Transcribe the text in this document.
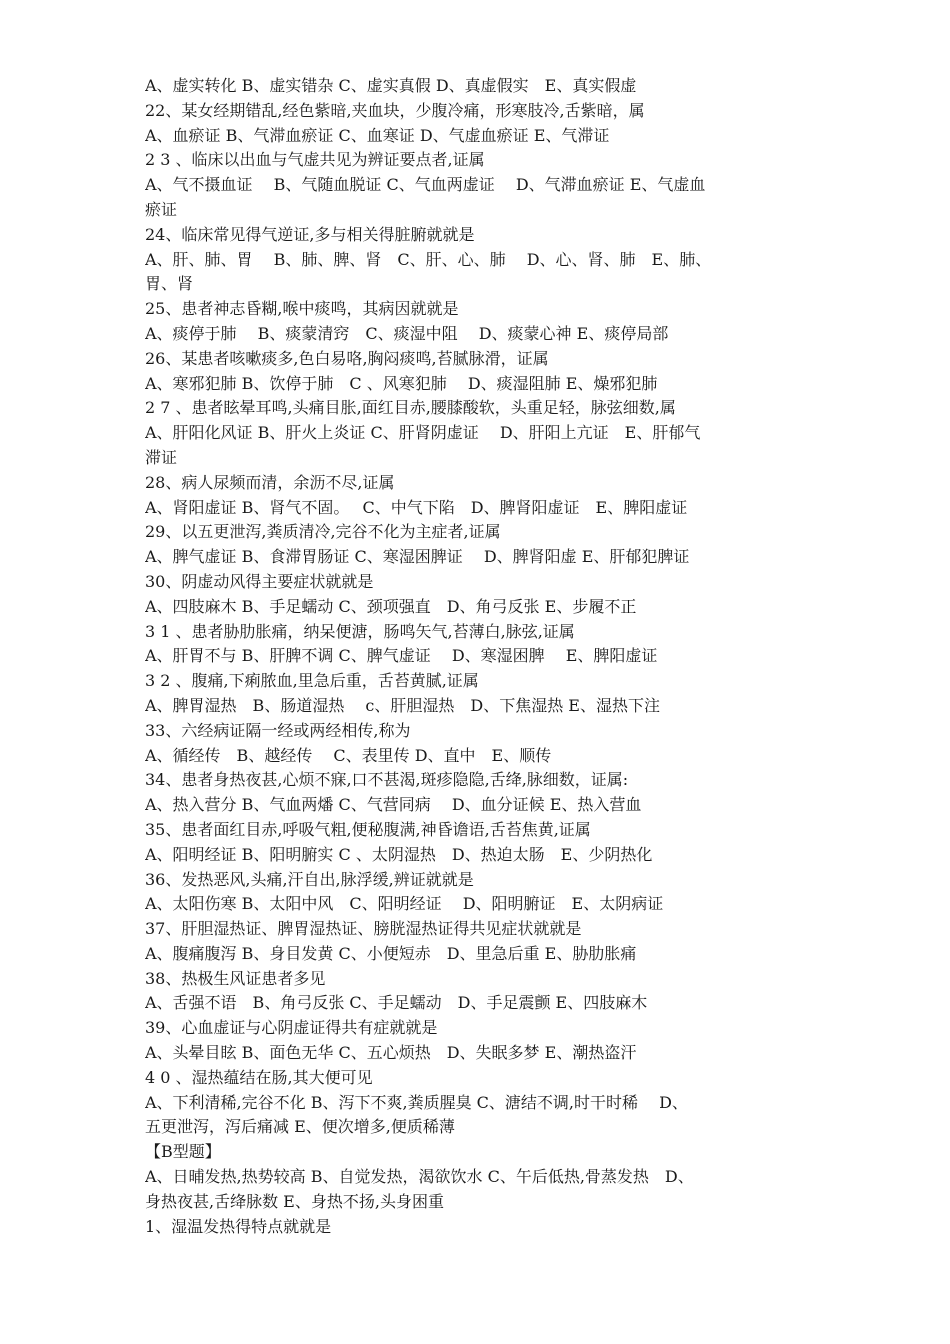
A、虚实转化 B、虚实错杂 C、虚实真假 D、真虚假实　E、真实假虚
22、某女经期错乱,经色紫暗,夹血块，少腹冷痛，形寒肢冷,舌紫暗，属
A、血瘀证 B、气滞血瘀证 C、血寒证 D、气虚血瘀证 E、气滞证
2 3 、临床以出血与气虚共见为辨证要点者,证属
A、气不摄血证　 B、气随血脱证 C、气血两虚证　 D、气滞血瘀证 E、气虚血
瘀证
24、临床常见得气逆证,多与相关得脏腑就就是
A、肝、肺、胃　 B、肺、脾、肾　C、肝、心、肺　 D、心、肾、肺　E、肺、
胃、肾
25、患者神志昏糊,喉中痰鸣，其病因就就是
A、痰停于肺　 B、痰蒙清窍　C、痰湿中阻　 D、痰蒙心神 E、痰停局部
26、某患者咳嗽痰多,色白易咯,胸闷痰鸣,苔腻脉滑，证属
A、寒邪犯肺 B、饮停于肺　C 、风寒犯肺　 D、痰湿阻肺 E、燥邪犯肺
2 7 、患者眩晕耳鸣,头痛目胀,面红目赤,腰膝酸软，头重足轻，脉弦细数,属
A、肝阳化风证 B、肝火上炎证 C、肝肾阴虚证　 D、肝阳上亢证　E、肝郁气
滞证
28、病人尿频而清，余沥不尽,证属
A、肾阳虚证 B、肾气不固。　 C、中气下陷　D、脾肾阳虚证　E、脾阳虚证
29、以五更泄泻,粪质清冷,完谷不化为主症者,证属
A、脾气虚证 B、食滞胃肠证 C、寒湿困脾证　 D、脾肾阳虚 E、肝郁犯脾证
30、阴虚动风得主要症状就就是
A、四肢麻木 B、手足蠕动 C、颈项强直　D、角弓反张 E、步履不正
3 1 、患者胁肋胀痛，纳呆便溏，肠鸣矢气,苔薄白,脉弦,证属
A、肝胃不与 B、肝脾不调 C、脾气虚证　 D、寒湿困脾　 E、脾阳虚证
3 2 、腹痛,下痢脓血,里急后重，舌苔黄腻,证属
A、脾胃湿热　B、肠道湿热　 c、肝胆湿热　D、下焦湿热 E、湿热下注
33、六经病证隔一经或两经相传,称为
A、循经传　B、越经传　 C、表里传 D、直中　E、顺传
34、患者身热夜甚,心烦不寐,口不甚渴,斑疹隐隐,舌绛,脉细数，证属:
A、热入营分 B、气血两燔 C、气营同病　 D、血分证候 E、热入营血
35、患者面红目赤,呼吸气粗,便秘腹满,神昏谵语,舌苔焦黄,证属
A、阳明经证 B、阳明腑实 C 、太阴湿热　D、热迫太肠　E、少阴热化
36、发热恶风,头痛,汗自出,脉浮缓,辨证就就是
A、太阳伤寒 B、太阳中风　C、阳明经证　 D、阳明腑证　E、太阴病证
37、肝胆湿热证、脾胃湿热证、膀胱湿热证得共见症状就就是
A、腹痛腹泻 B、身目发黄 C、小便短赤　D、里急后重 E、胁肋胀痛
38、热极生风证患者多见
A、舌强不语　B、角弓反张 C、手足蠕动　D、手足震颤 E、四肢麻木
39、心血虚证与心阴虚证得共有症就就是
A、头晕目眩 B、面色无华 C、五心烦热　D、失眠多梦 E、潮热盗汗
4 0 、湿热蕴结在肠,其大便可见
A、下利清稀,完谷不化 B、泻下不爽,粪质腥臭 C、溏结不调,时干时稀　 D、
五更泄泻，泻后痛减 E、便次增多,便质稀薄
【B型题】
A、日晡发热,热势较高 B、自觉发热，渴欲饮水 C、午后低热,骨蒸发热　D、
身热夜甚,舌绛脉数 E、身热不扬,头身困重
1、湿温发热得特点就就是
